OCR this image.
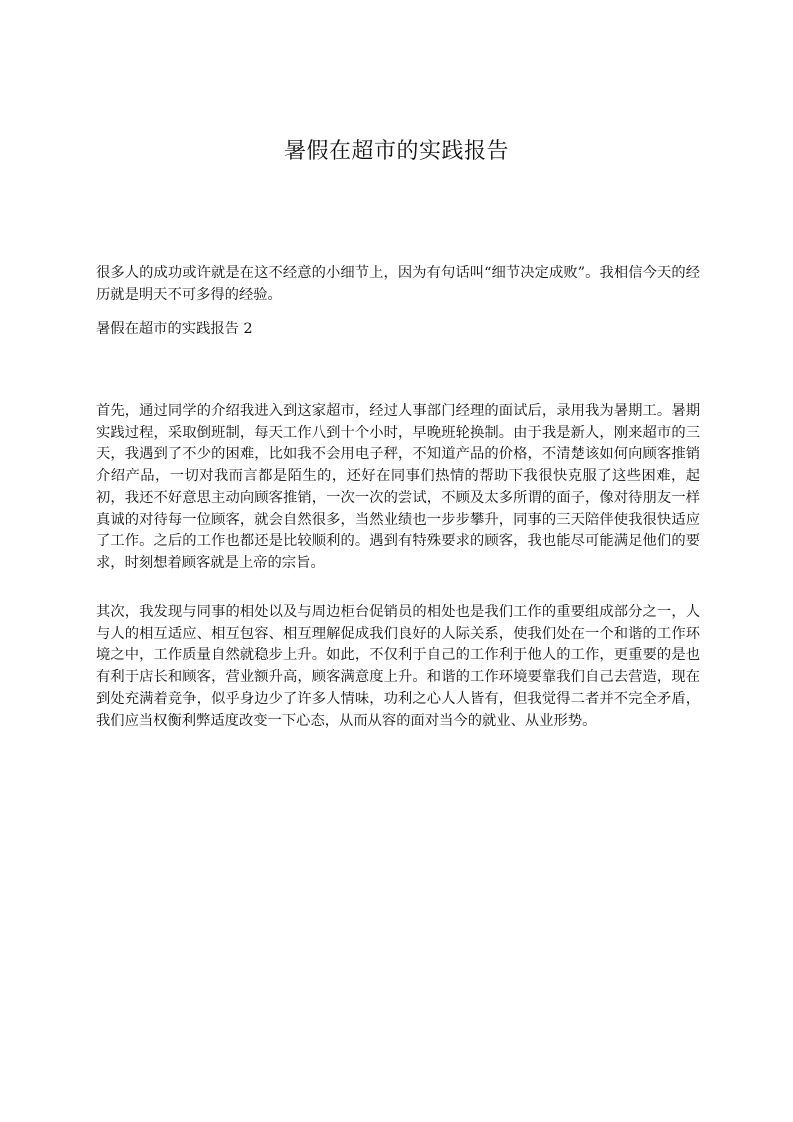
暑假在超市的实践报告

很多人的成功或许就是在这不经意的小细节上，因为有句话叫“细节决定成败”。我相信今天的经历就是明天不可多得的经验。

暑假在超市的实践报告 2

首先，通过同学的介绍我进入到这家超市，经过人事部门经理的面试后，录用我为暑期工。暑期实践过程，采取倒班制，每天工作八到十个小时，早晚班轮换制。由于我是新人，刚来超市的三天，我遇到了不少的困难，比如我不会用电子秤，不知道产品的价格，不清楚该如何向顾客推销介绍产品，一切对我而言都是陌生的，还好在同事们热情的帮助下我很快克服了这些困难，起初，我还不好意思主动向顾客推销，一次一次的尝试，不顾及太多所谓的面子，像对待朋友一样真诚的对待每一位顾客，就会自然很多，当然业绩也一步步攀升，同事的三天陪伴使我很快适应了工作。之后的工作也都还是比较顺利的。遇到有特殊要求的顾客，我也能尽可能满足他们的要求，时刻想着顾客就是上帝的宗旨。

其次，我发现与同事的相处以及与周边柜台促销员的相处也是我们工作的重要组成部分之一，人与人的相互适应、相互包容、相互理解促成我们良好的人际关系，使我们处在一个和谐的工作环境之中，工作质量自然就稳步上升。如此，不仅利于自己的工作利于他人的工作，更重要的是也有利于店长和顾客，营业额升高，顾客满意度上升。和谐的工作环境要靠我们自己去营造，现在到处充满着竞争，似乎身边少了许多人情味，功利之心人人皆有，但我觉得二者并不完全矛盾，我们应当权衡利弊适度改变一下心态，从而从容的面对当今的就业、从业形势。
